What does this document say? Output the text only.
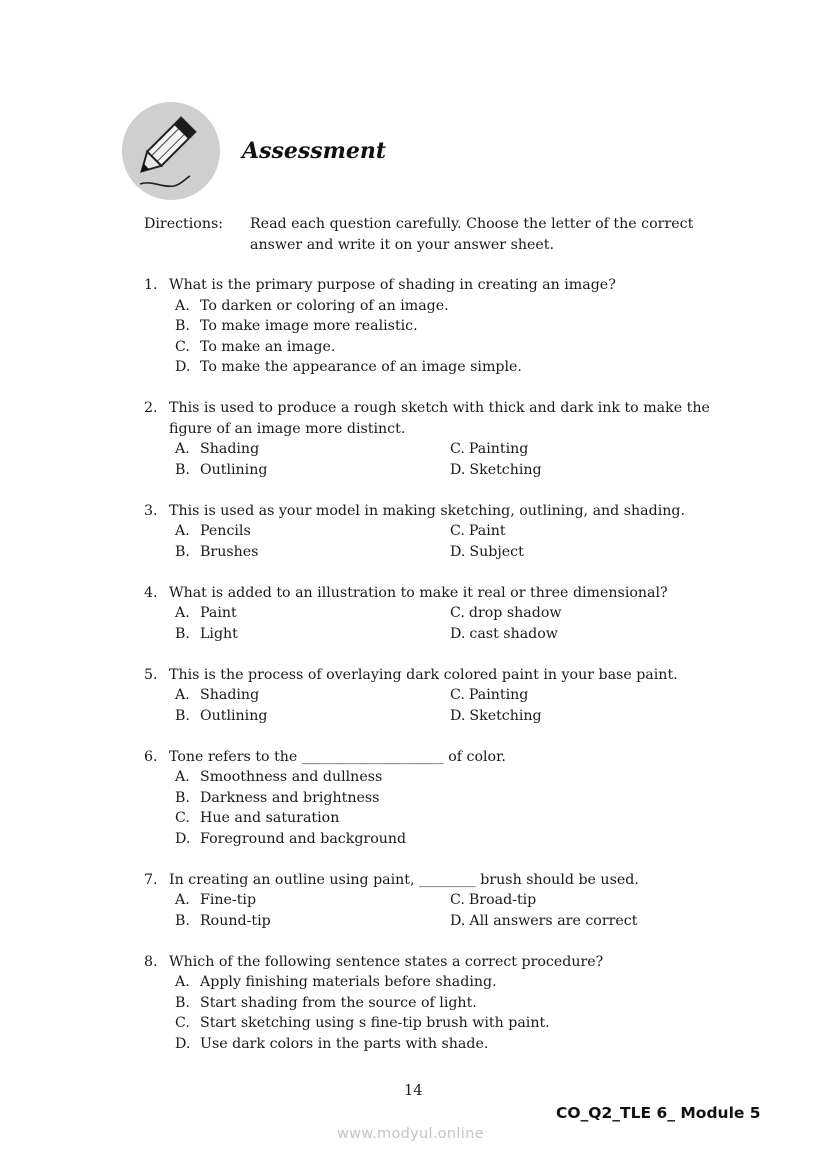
Assessment
Directions:	Read each question carefully. Choose the letter of the correct answer and write it on your answer sheet.
1. What is the primary purpose of shading in creating an image?
A. To darken or coloring of an image.
B. To make image more realistic.
C. To make an image.
D. To make the appearance of an image simple.
2. This is used to produce a rough sketch with thick and dark ink to make the figure of an image more distinct.
A. Shading	C. Painting
B. Outlining	D. Sketching
3. This is used as your model in making sketching, outlining, and shading.
A. Pencils	C. Paint
B. Brushes	D. Subject
4. What is added to an illustration to make it real or three dimensional?
A. Paint	C. drop shadow
B. Light	D. cast shadow
5. This is the process of overlaying dark colored paint in your base paint.
A. Shading	C. Painting
B. Outlining	D. Sketching
6. Tone refers to the ____________________ of color.
A. Smoothness and dullness
B. Darkness and brightness
C. Hue and saturation
D. Foreground and background
7. In creating an outline using paint, ________ brush should be used.
A. Fine-tip	C. Broad-tip
B. Round-tip	D. All answers are correct
8. Which of the following sentence states a correct procedure?
A. Apply finishing materials before shading.
B. Start shading from the source of light.
C. Start sketching using s fine-tip brush with paint.
D. Use dark colors in the parts with shade.
14
CO_Q2_TLE 6_ Module 5
www.modyul.online
